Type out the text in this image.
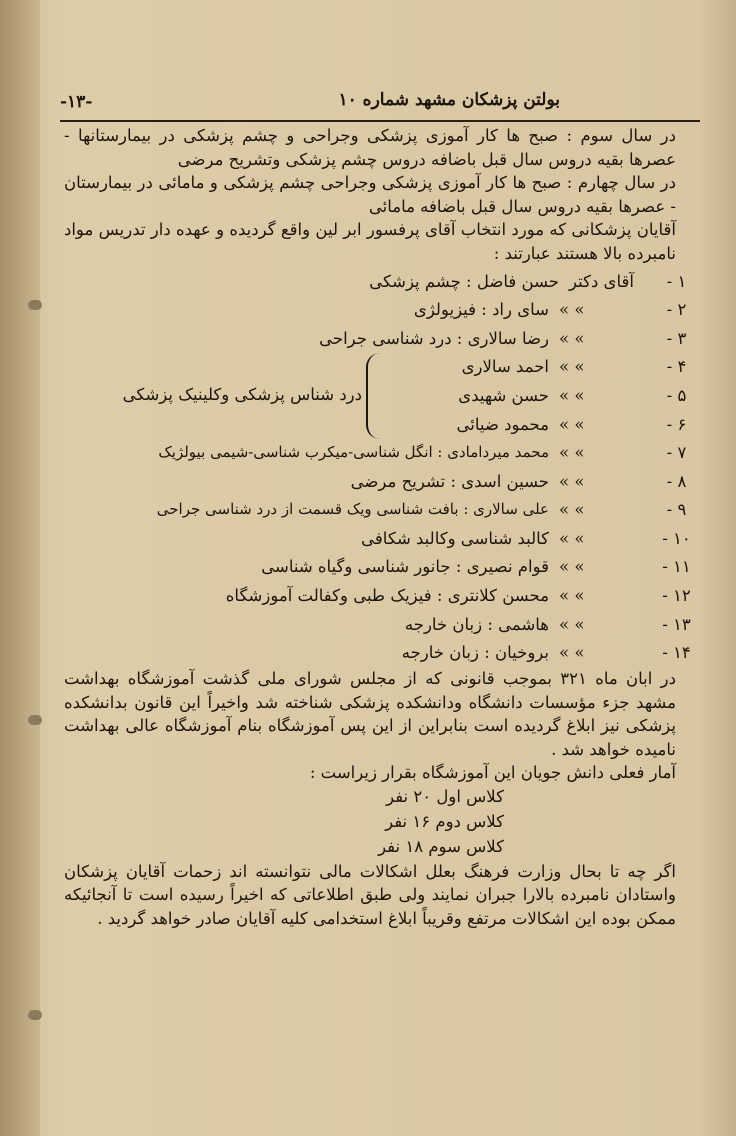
-۱۳-	بولتن پزشکان مشهد شماره ۱۰

در سال سوم : صبح ها کار آموزی پزشکی وجراحی و چشم پزشکی در بیمارستانها - عصرها بقیه دروس سال قبل باضافه دروس چشم پزشکی وتشریح مرضی

در سال چهارم : صبح ها کار آموزی پزشکی وجراحی چشم پزشکی و مامائی در بیمارستان - عصرها بقیه دروس سال قبل باضافه مامائی

آقایان پزشکانی که مورد انتخاب آقای پرفسور ابر لین واقع گردیده و عهده دار تدریس مواد نامبرده بالا هستند عبارتند :

۱ -
آقای دکتر
حسن فاضل : چشم پزشکی
۲ -
» »
سای راد : فیزیولژی
۳ -
» »
رضا سالاری : درد شناسی جراحی
۴ -
» »
احمد سالاری
۵ -
» »
حسن شهیدی
۶ -
» »
محمود ضیائی
درد شناس پزشکی وکلینیک پزشکی
۷ -
» »
محمد میردامادی : انگل شناسی-میکرب شناسی-شیمی بیولژیک
۸ -
» »
حسین اسدی : تشریح مرضی
۹ -
» »
علی سالاری : بافت شناسی ویک قسمت از درد شناسی جراحی
۱۰ -
» »
کالبد شناسی وکالبد شکافی
۱۱ -
» »
قوام نصیری : جانور شناسی وگیاه شناسی
۱۲ -
» »
محسن کلانتری : فیزیک طبی وکفالت آموزشگاه
۱۳ -
» »
هاشمی : زبان خارجه
۱۴ -
» »
بروخیان : زبان خارجه

در ابان ماه ۳۲۱ بموجب قانونی که از مجلس شورای ملی گذشت آموزشگاه بهداشت مشهد جزء مؤسسات دانشگاه ودانشکده پزشکی شناخته شد واخیراً این قانون بدانشکده پزشکی نیز ابلاغ گردیده است بنابراین از این پس آموزشگاه بنام آموزشگاه عالی بهداشت نامیده خواهد شد .

آمار فعلی دانش جویان این آموزشگاه بقرار زیراست :

کلاس اول ۲۰ نفر
کلاس دوم ۱۶ نفر
کلاس سوم ۱۸ نفر

اگر چه تا بحال وزارت فرهنگ بعلل اشکالات مالی نتوانسته اند زحمات آقایان پزشکان واستادان نامبرده بالارا جبران نمایند ولی طبق اطلاعاتی که اخیراً رسیده است تا آنجائیکه ممکن بوده این اشکالات مرتفع وقریباً ابلاغ استخدامی کلیه آقایان صادر خواهد گردید .
